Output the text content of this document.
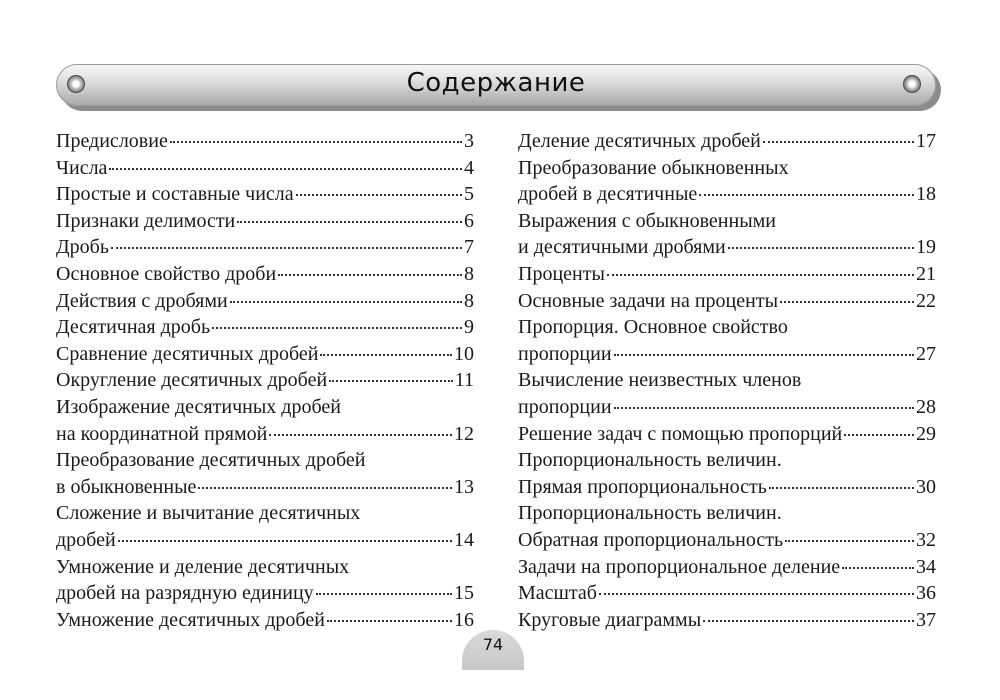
Содержание
Предисловие	3
Числа	4
Простые и составные числа	5
Признаки делимости	6
Дробь	7
Основное свойство дроби	8
Действия с дробями	8
Десятичная дробь	9
Сравнение десятичных дробей	10
Округление десятичных дробей	11
Изображение десятичных дробей
на координатной прямой	12
Преобразование десятичных дробей
в обыкновенные	13
Сложение и вычитание десятичных
дробей	14
Умножение и деление десятичных
дробей на разрядную единицу	15
Умножение десятичных дробей	16
Деление десятичных дробей	17
Преобразование обыкновенных
дробей в десятичные	18
Выражения с обыкновенными
и десятичными дробями	19
Проценты	21
Основные задачи на проценты	22
Пропорция. Основное свойство
пропорции	27
Вычисление неизвестных членов
пропорции	28
Решение задач с помощью пропорций	29
Пропорциональность величин.
Прямая пропорциональность	30
Пропорциональность величин.
Обратная пропорциональность	32
Задачи на пропорциональное деление	34
Масштаб	36
Круговые диаграммы	37
74
